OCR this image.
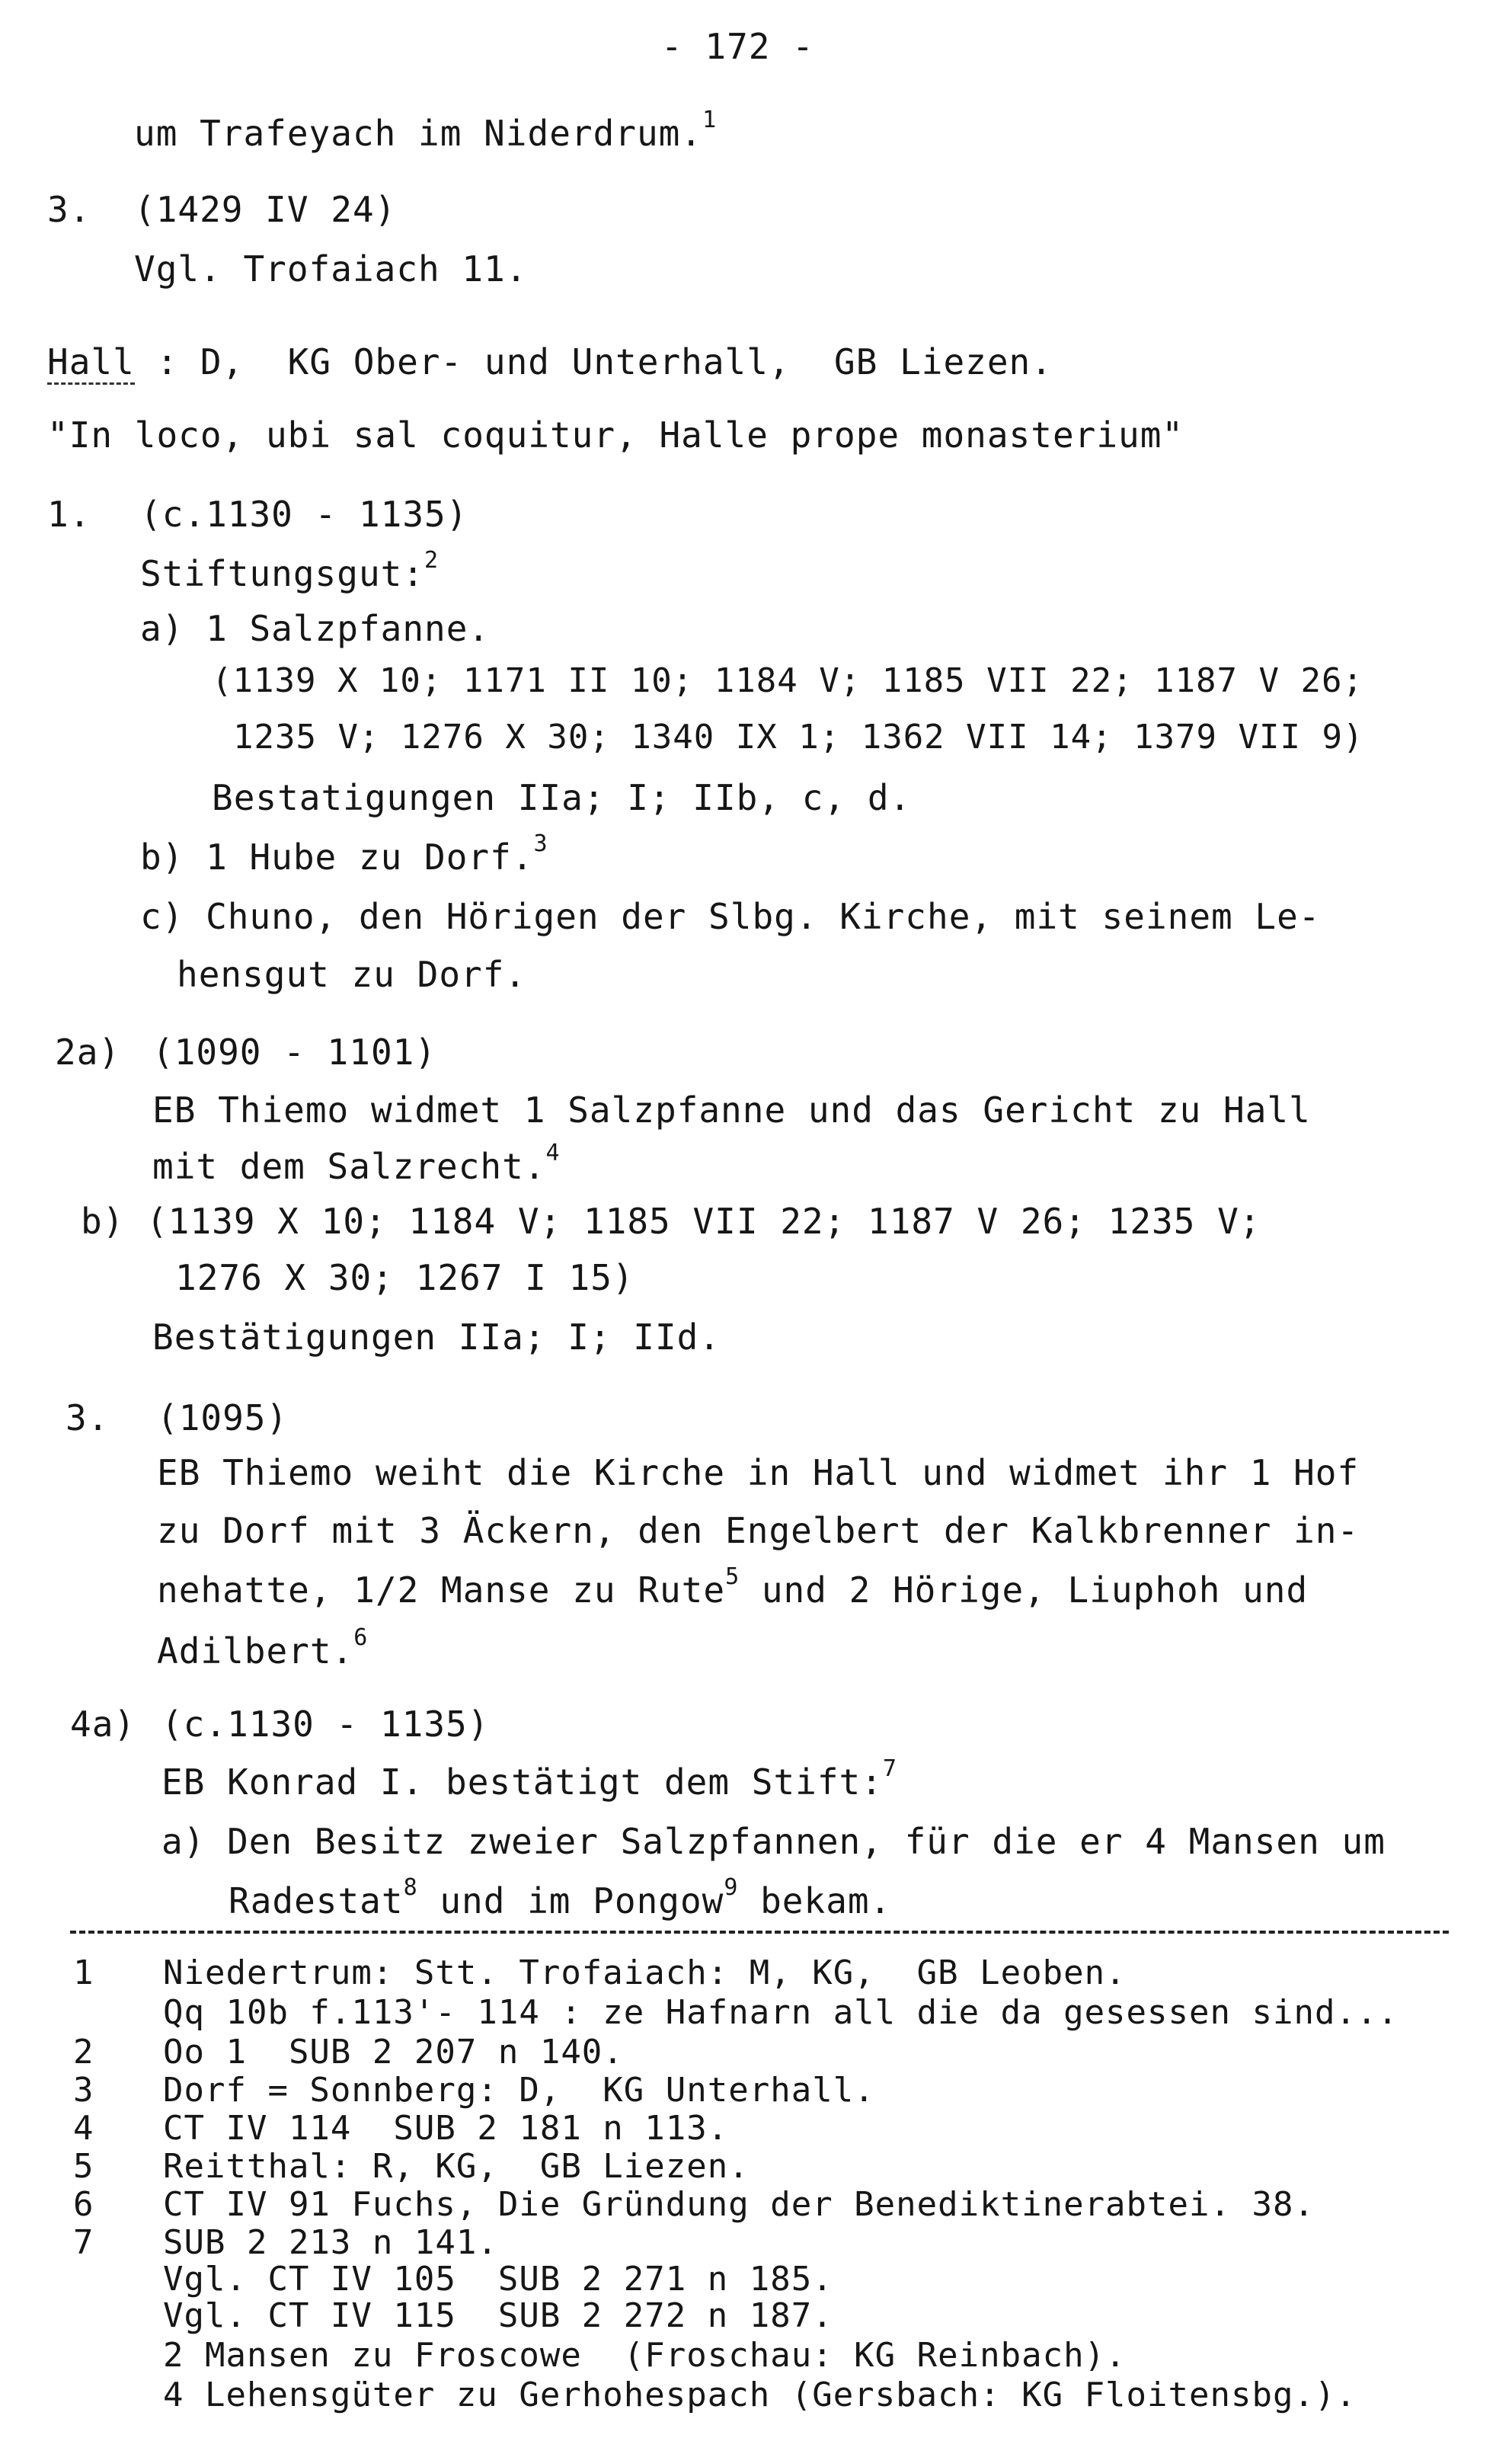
- 172 -
um Trafeyach im Niderdrum.$^1$
3. (1429 IV 24)
Vgl. Trofaiach 11.
Hall : D,  KG Ober- und Unterhall,  GB Liezen.
"In loco, ubi sal coquitur, Halle prope monasterium"
1. (c.1130 - 1135)
Stiftungsgut:$^2$
a) 1 Salzpfanne.
(1139 X 10; 1171 II 10; 1184 V; 1185 VII 22; 1187 V 26;
1235 V; 1276 X 30; 1340 IX 1; 1362 VII 14; 1379 VII 9)
Bestatigungen IIa; I; IIb, c, d.
b) 1 Hube zu Dorf.$^3$
c) Chuno, den Hörigen der Slbg. Kirche, mit seinem Le-
hensgut zu Dorf.
2a) (1090 - 1101)
EB Thiemo widmet 1 Salzpfanne und das Gericht zu Hall
mit dem Salzrecht.$^4$
b) (1139 X 10; 1184 V; 1185 VII 22; 1187 V 26; 1235 V;
1276 X 30; 1267 I 15)
Bestätigungen IIa; I; IId.
3. (1095)
EB Thiemo weiht die Kirche in Hall und widmet ihr 1 Hof
zu Dorf mit 3 Äckern, den Engelbert der Kalkbrenner in-
nehatte, 1/2 Manse zu Rute$^5$ und 2 Hörige, Liuphoh und
Adilbert.$^6$
4a) (c.1130 - 1135)
EB Konrad I. bestätigt dem Stift:$^7$
a) Den Besitz zweier Salzpfannen, für die er 4 Mansen um
Radestat$^8$ und im Pongow$^9$ bekam.
1 Niedertrum: Stt. Trofaiach: M, KG,  GB Leoben.
Qq 10b f.113'- 114 : ze Hafnarn all die da gesessen sind...
2 Oo 1  SUB 2 207 n 140.
3 Dorf = Sonnberg: D,  KG Unterhall.
4 CT IV 114  SUB 2 181 n 113.
5 Reitthal: R, KG,  GB Liezen.
6 CT IV 91 Fuchs, Die Gründung der Benediktinerabtei. 38.
7 SUB 2 213 n 141.
Vgl. CT IV 105  SUB 2 271 n 185.
Vgl. CT IV 115  SUB 2 272 n 187.
2 Mansen zu Froscowe  (Froschau: KG Reinbach).
4 Lehensgüter zu Gerhohespach (Gersbach: KG Floitensbg.).
